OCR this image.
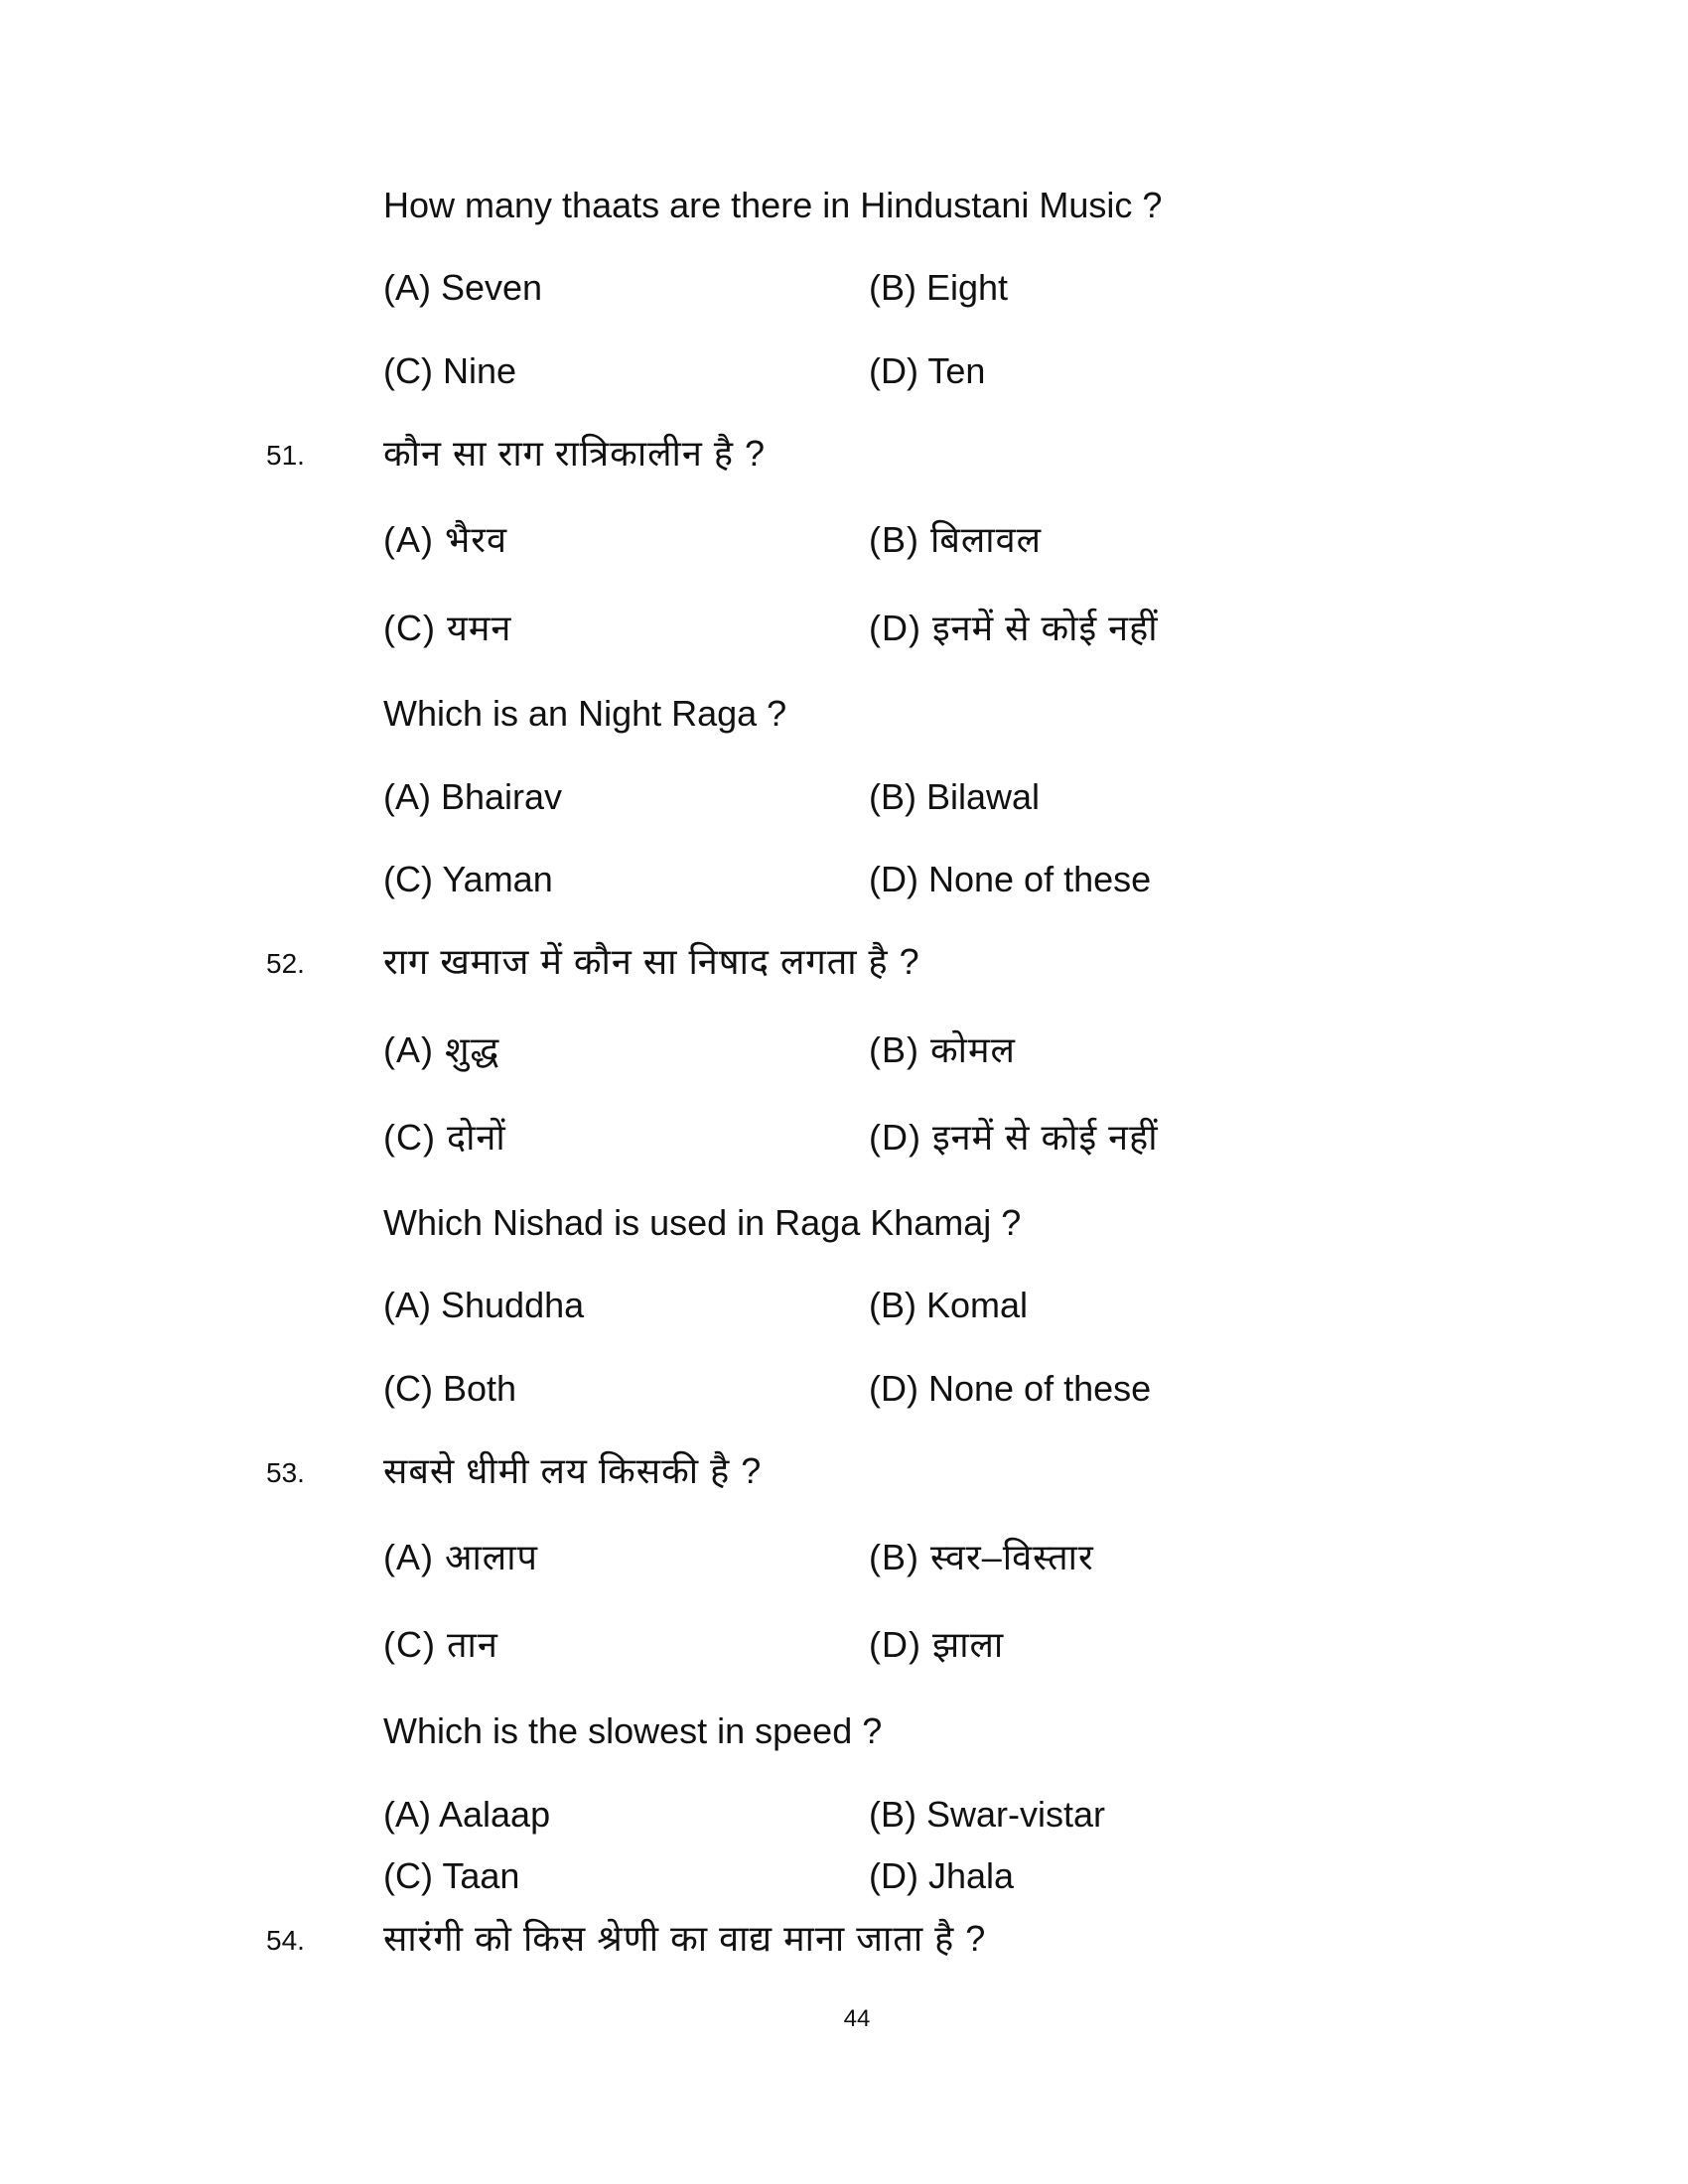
How many thaats are there in Hindustani Music ?
(A) Seven	(B) Eight
(C) Nine	(D) Ten
51. कौन सा राग रात्रिकालीन है ?
(A) भैरव	(B) बिलावल
(C) यमन	(D) इनमें से कोई नहीं
Which is an Night Raga ?
(A) Bhairav	(B) Bilawal
(C) Yaman	(D) None of these
52. राग खमाज में कौन सा निषाद लगता है ?
(A) शुद्ध	(B) कोमल
(C) दोनों	(D) इनमें से कोई नहीं
Which Nishad is used in Raga Khamaj ?
(A) Shuddha	(B) Komal
(C) Both	(D) None of these
53. सबसे धीमी लय किसकी है ?
(A) आलाप	(B) स्वर–विस्तार
(C) तान	(D) झाला
Which is the slowest in speed ?
(A) Aalaap	(B) Swar-vistar
(C) Taan	(D) Jhala
54. सारंगी को किस श्रेणी का वाद्य माना जाता है ?
44
